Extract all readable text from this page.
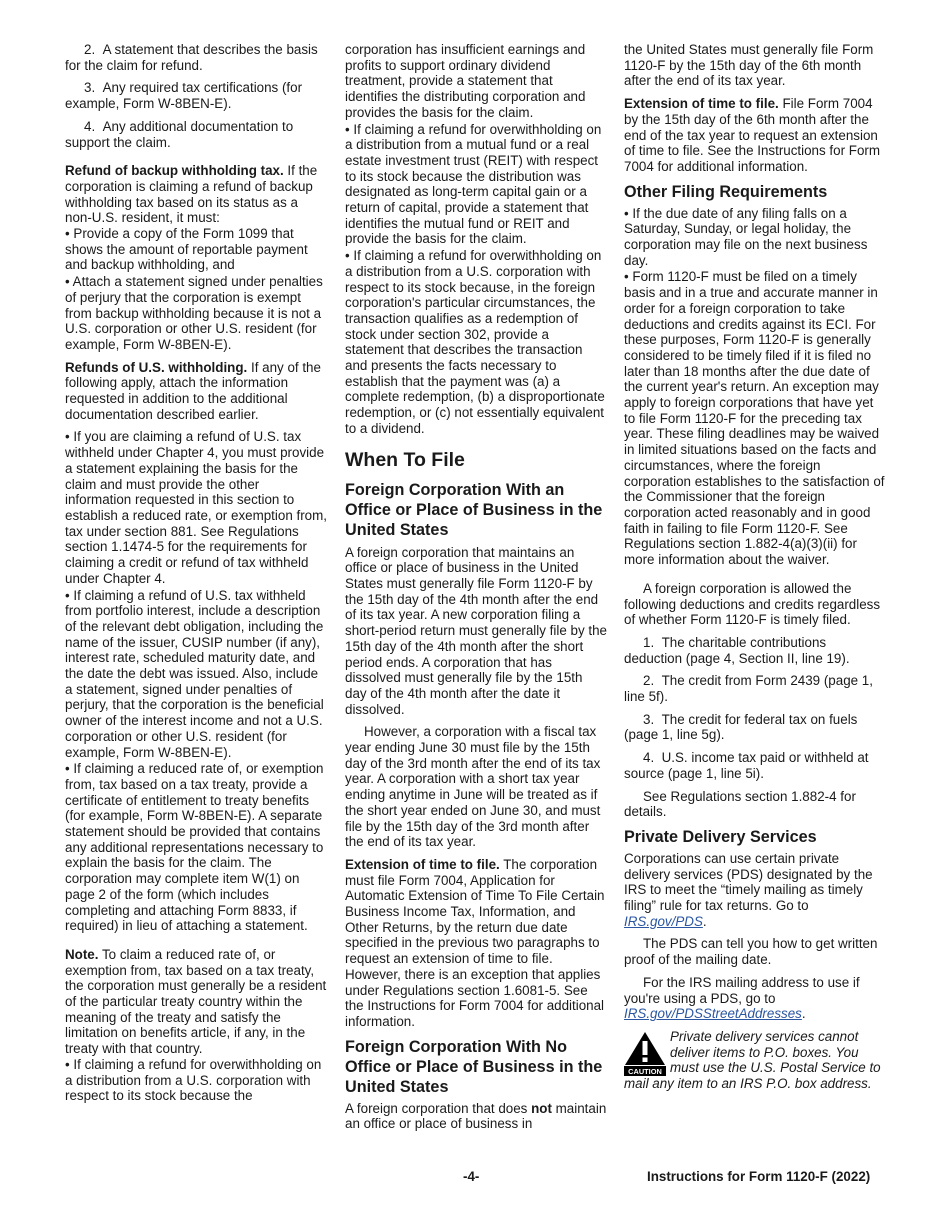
2.  A statement that describes the basis for the claim for refund.

3.  Any required tax certifications (for example, Form W-8BEN-E).

4.  Any additional documentation to support the claim.

Refund of backup withholding tax. If the corporation is claiming a refund of backup withholding tax based on its status as a non-U.S. resident, it must:

• Provide a copy of the Form 1099 that shows the amount of reportable payment and backup withholding, and

• Attach a statement signed under penalties of perjury that the corporation is exempt from backup withholding because it is not a U.S. corporation or other U.S. resident (for example, Form W-8BEN-E).

Refunds of U.S. withholding. If any of the following apply, attach the information requested in addition to the additional documentation described earlier.

• If you are claiming a refund of U.S. tax withheld under Chapter 4, you must provide a statement explaining the basis for the claim and must provide the other information requested in this section to establish a reduced rate, or exemption from, tax under section 881. See Regulations section 1.1474-5 for the requirements for claiming a credit or refund of tax withheld under Chapter 4.

• If claiming a refund of U.S. tax withheld from portfolio interest, include a description of the relevant debt obligation, including the name of the issuer, CUSIP number (if any), interest rate, scheduled maturity date, and the date the debt was issued. Also, include a statement, signed under penalties of perjury, that the corporation is the beneficial owner of the interest income and not a U.S. corporation or other U.S. resident (for example, Form W-8BEN-E).

• If claiming a reduced rate of, or exemption from, tax based on a tax treaty, provide a certificate of entitlement to treaty benefits (for example, Form W-8BEN-E). A separate statement should be provided that contains any additional representations necessary to explain the basis for the claim. The corporation may complete item W(1) on page 2 of the form (which includes completing and attaching Form 8833, if required) in lieu of attaching a statement.

Note. To claim a reduced rate of, or exemption from, tax based on a tax treaty, the corporation must generally be a resident of the particular treaty country within the meaning of the treaty and satisfy the limitation on benefits article, if any, in the treaty with that country.

• If claiming a refund for overwithholding on a distribution from a U.S. corporation with respect to its stock because the

corporation has insufficient earnings and profits to support ordinary dividend treatment, provide a statement that identifies the distributing corporation and provides the basis for the claim.

• If claiming a refund for overwithholding on a distribution from a mutual fund or a real estate investment trust (REIT) with respect to its stock because the distribution was designated as long-term capital gain or a return of capital, provide a statement that identifies the mutual fund or REIT and provide the basis for the claim.

• If claiming a refund for overwithholding on a distribution from a U.S. corporation with respect to its stock because, in the foreign corporation's particular circumstances, the transaction qualifies as a redemption of stock under section 302, provide a statement that describes the transaction and presents the facts necessary to establish that the payment was (a) a complete redemption, (b) a disproportionate redemption, or (c) not essentially equivalent to a dividend.

When To File
Foreign Corporation With an Office or Place of Business in the United States

A foreign corporation that maintains an office or place of business in the United States must generally file Form 1120-F by the 15th day of the 4th month after the end of its tax year. A new corporation filing a short-period return must generally file by the 15th day of the 4th month after the short period ends. A corporation that has dissolved must generally file by the 15th day of the 4th month after the date it dissolved.

However, a corporation with a fiscal tax year ending June 30 must file by the 15th day of the 3rd month after the end of its tax year. A corporation with a short tax year ending anytime in June will be treated as if the short year ended on June 30, and must file by the 15th day of the 3rd month after the end of its tax year.

Extension of time to file. The corporation must file Form 7004, Application for Automatic Extension of Time To File Certain Business Income Tax, Information, and Other Returns, by the return due date specified in the previous two paragraphs to request an extension of time to file. However, there is an exception that applies under Regulations section 1.6081-5. See the Instructions for Form 7004 for additional information.

Foreign Corporation With No Office or Place of Business in the United States

A foreign corporation that does not maintain an office or place of business in

the United States must generally file Form 1120-F by the 15th day of the 6th month after the end of its tax year.

Extension of time to file. File Form 7004 by the 15th day of the 6th month after the end of the tax year to request an extension of time to file. See the Instructions for Form 7004 for additional information.

Other Filing Requirements

• If the due date of any filing falls on a Saturday, Sunday, or legal holiday, the corporation may file on the next business day.

• Form 1120-F must be filed on a timely basis and in a true and accurate manner in order for a foreign corporation to take deductions and credits against its ECI. For these purposes, Form 1120-F is generally considered to be timely filed if it is filed no later than 18 months after the due date of the current year's return. An exception may apply to foreign corporations that have yet to file Form 1120-F for the preceding tax year. These filing deadlines may be waived in limited situations based on the facts and circumstances, where the foreign corporation establishes to the satisfaction of the Commissioner that the foreign corporation acted reasonably and in good faith in failing to file Form 1120-F. See Regulations section 1.882-4(a)(3)(ii) for more information about the waiver.

A foreign corporation is allowed the following deductions and credits regardless of whether Form 1120-F is timely filed.

1.  The charitable contributions deduction (page 4, Section II, line 19).

2.  The credit from Form 2439 (page 1, line 5f).

3.  The credit for federal tax on fuels (page 1, line 5g).

4.  U.S. income tax paid or withheld at source (page 1, line 5i).

See Regulations section 1.882-4 for details.

Private Delivery Services

Corporations can use certain private delivery services (PDS) designated by the IRS to meet the “timely mailing as timely filing” rule for tax returns. Go to IRS.gov/PDS.

The PDS can tell you how to get written proof of the mailing date.

For the IRS mailing address to use if you're using a PDS, go to IRS.gov/PDSStreetAddresses.

CAUTION
Private delivery services cannot deliver items to P.O. boxes. You must use the U.S. Postal Service to mail any item to an IRS P.O. box address.
-4-	Instructions for Form 1120-F (2022)
